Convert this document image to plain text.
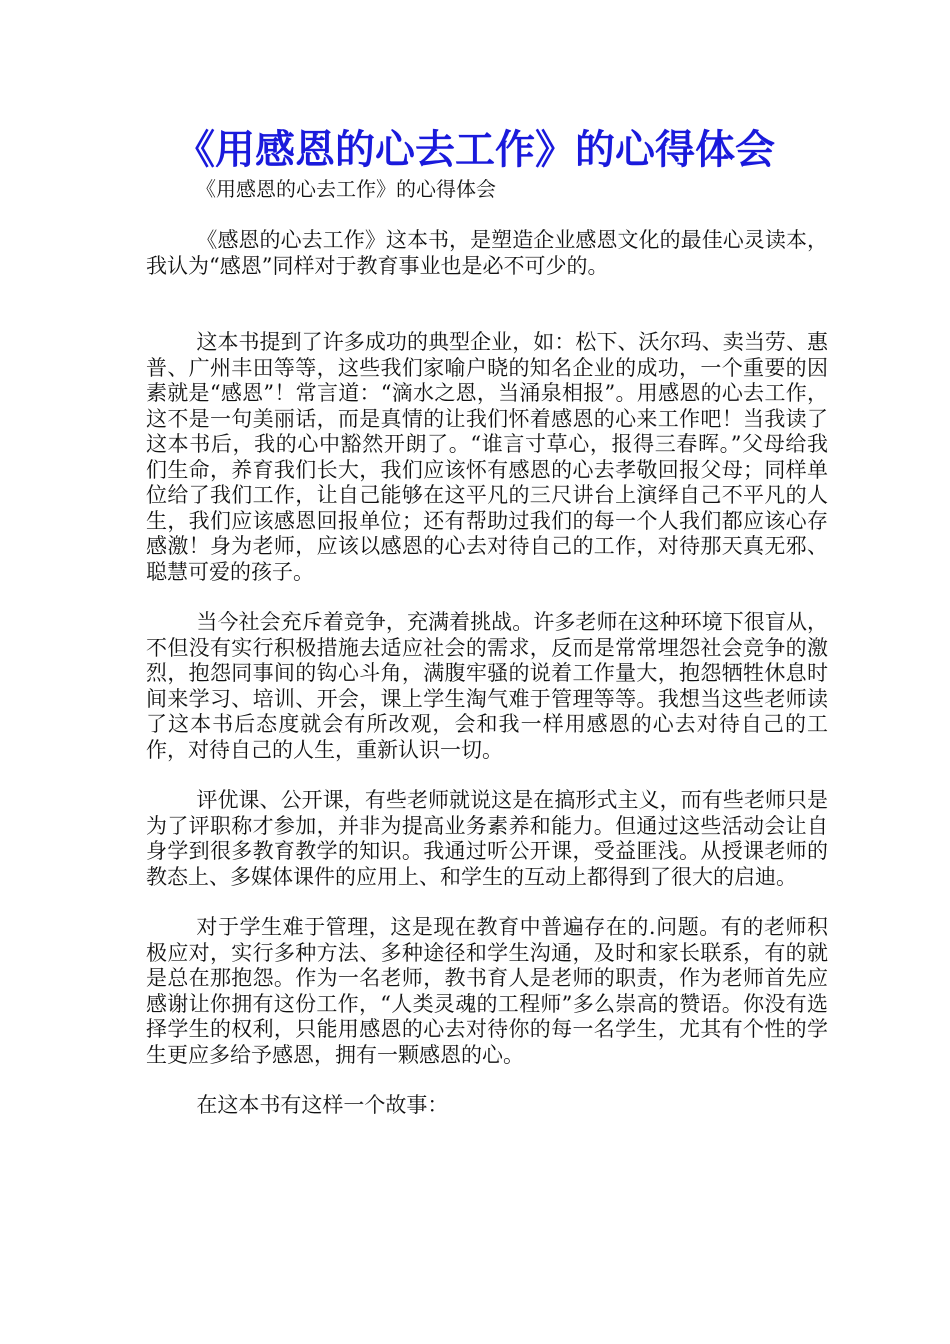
《用感恩的心去工作》的心得体会

《用感恩的心去工作》的心得体会

《感恩的心去工作》这本书，是塑造企业感恩文化的最佳心灵读本，我认为“感恩”同样对于教育事业也是必不可少的。

这本书提到了许多成功的典型企业，如：松下、沃尔玛、卖当劳、惠普、广州丰田等等，这些我们家喻户晓的知名企业的成功，一个重要的因素就是“感恩”！常言道：“滴水之恩，当涌泉相报”。用感恩的心去工作，这不是一句美丽话，而是真情的让我们怀着感恩的心来工作吧！当我读了这本书后，我的心中豁然开朗了。“谁言寸草心，报得三春晖。”父母给我们生命，养育我们长大，我们应该怀有感恩的心去孝敬回报父母；同样单位给了我们工作，让自己能够在这平凡的三尺讲台上演绎自己不平凡的人生，我们应该感恩回报单位；还有帮助过我们的每一个人我们都应该心存感激！身为老师，应该以感恩的心去对待自己的工作，对待那天真无邪、聪慧可爱的孩子。

当今社会充斥着竞争，充满着挑战。许多老师在这种环境下很盲从，不但没有实行积极措施去适应社会的需求，反而是常常埋怨社会竞争的激烈，抱怨同事间的钩心斗角，满腹牢骚的说着工作量大，抱怨牺牲休息时间来学习、培训、开会，课上学生淘气难于管理等等。我想当这些老师读了这本书后态度就会有所改观，会和我一样用感恩的心去对待自己的工作，对待自己的人生，重新认识一切。

评优课、公开课，有些老师就说这是在搞形式主义，而有些老师只是为了评职称才参加，并非为提高业务素养和能力。但通过这些活动会让自身学到很多教育教学的知识。我通过听公开课，受益匪浅。从授课老师的教态上、多媒体课件的应用上、和学生的互动上都得到了很大的启迪。

对于学生难于管理，这是现在教育中普遍存在的.问题。有的老师积极应对，实行多种方法、多种途径和学生沟通，及时和家长联系，有的就是总在那抱怨。作为一名老师，教书育人是老师的职责，作为老师首先应感谢让你拥有这份工作，“人类灵魂的工程师”多么崇高的赞语。你没有选择学生的权利，只能用感恩的心去对待你的每一名学生，尤其有个性的学生更应多给予感恩，拥有一颗感恩的心。

在这本书有这样一个故事：
